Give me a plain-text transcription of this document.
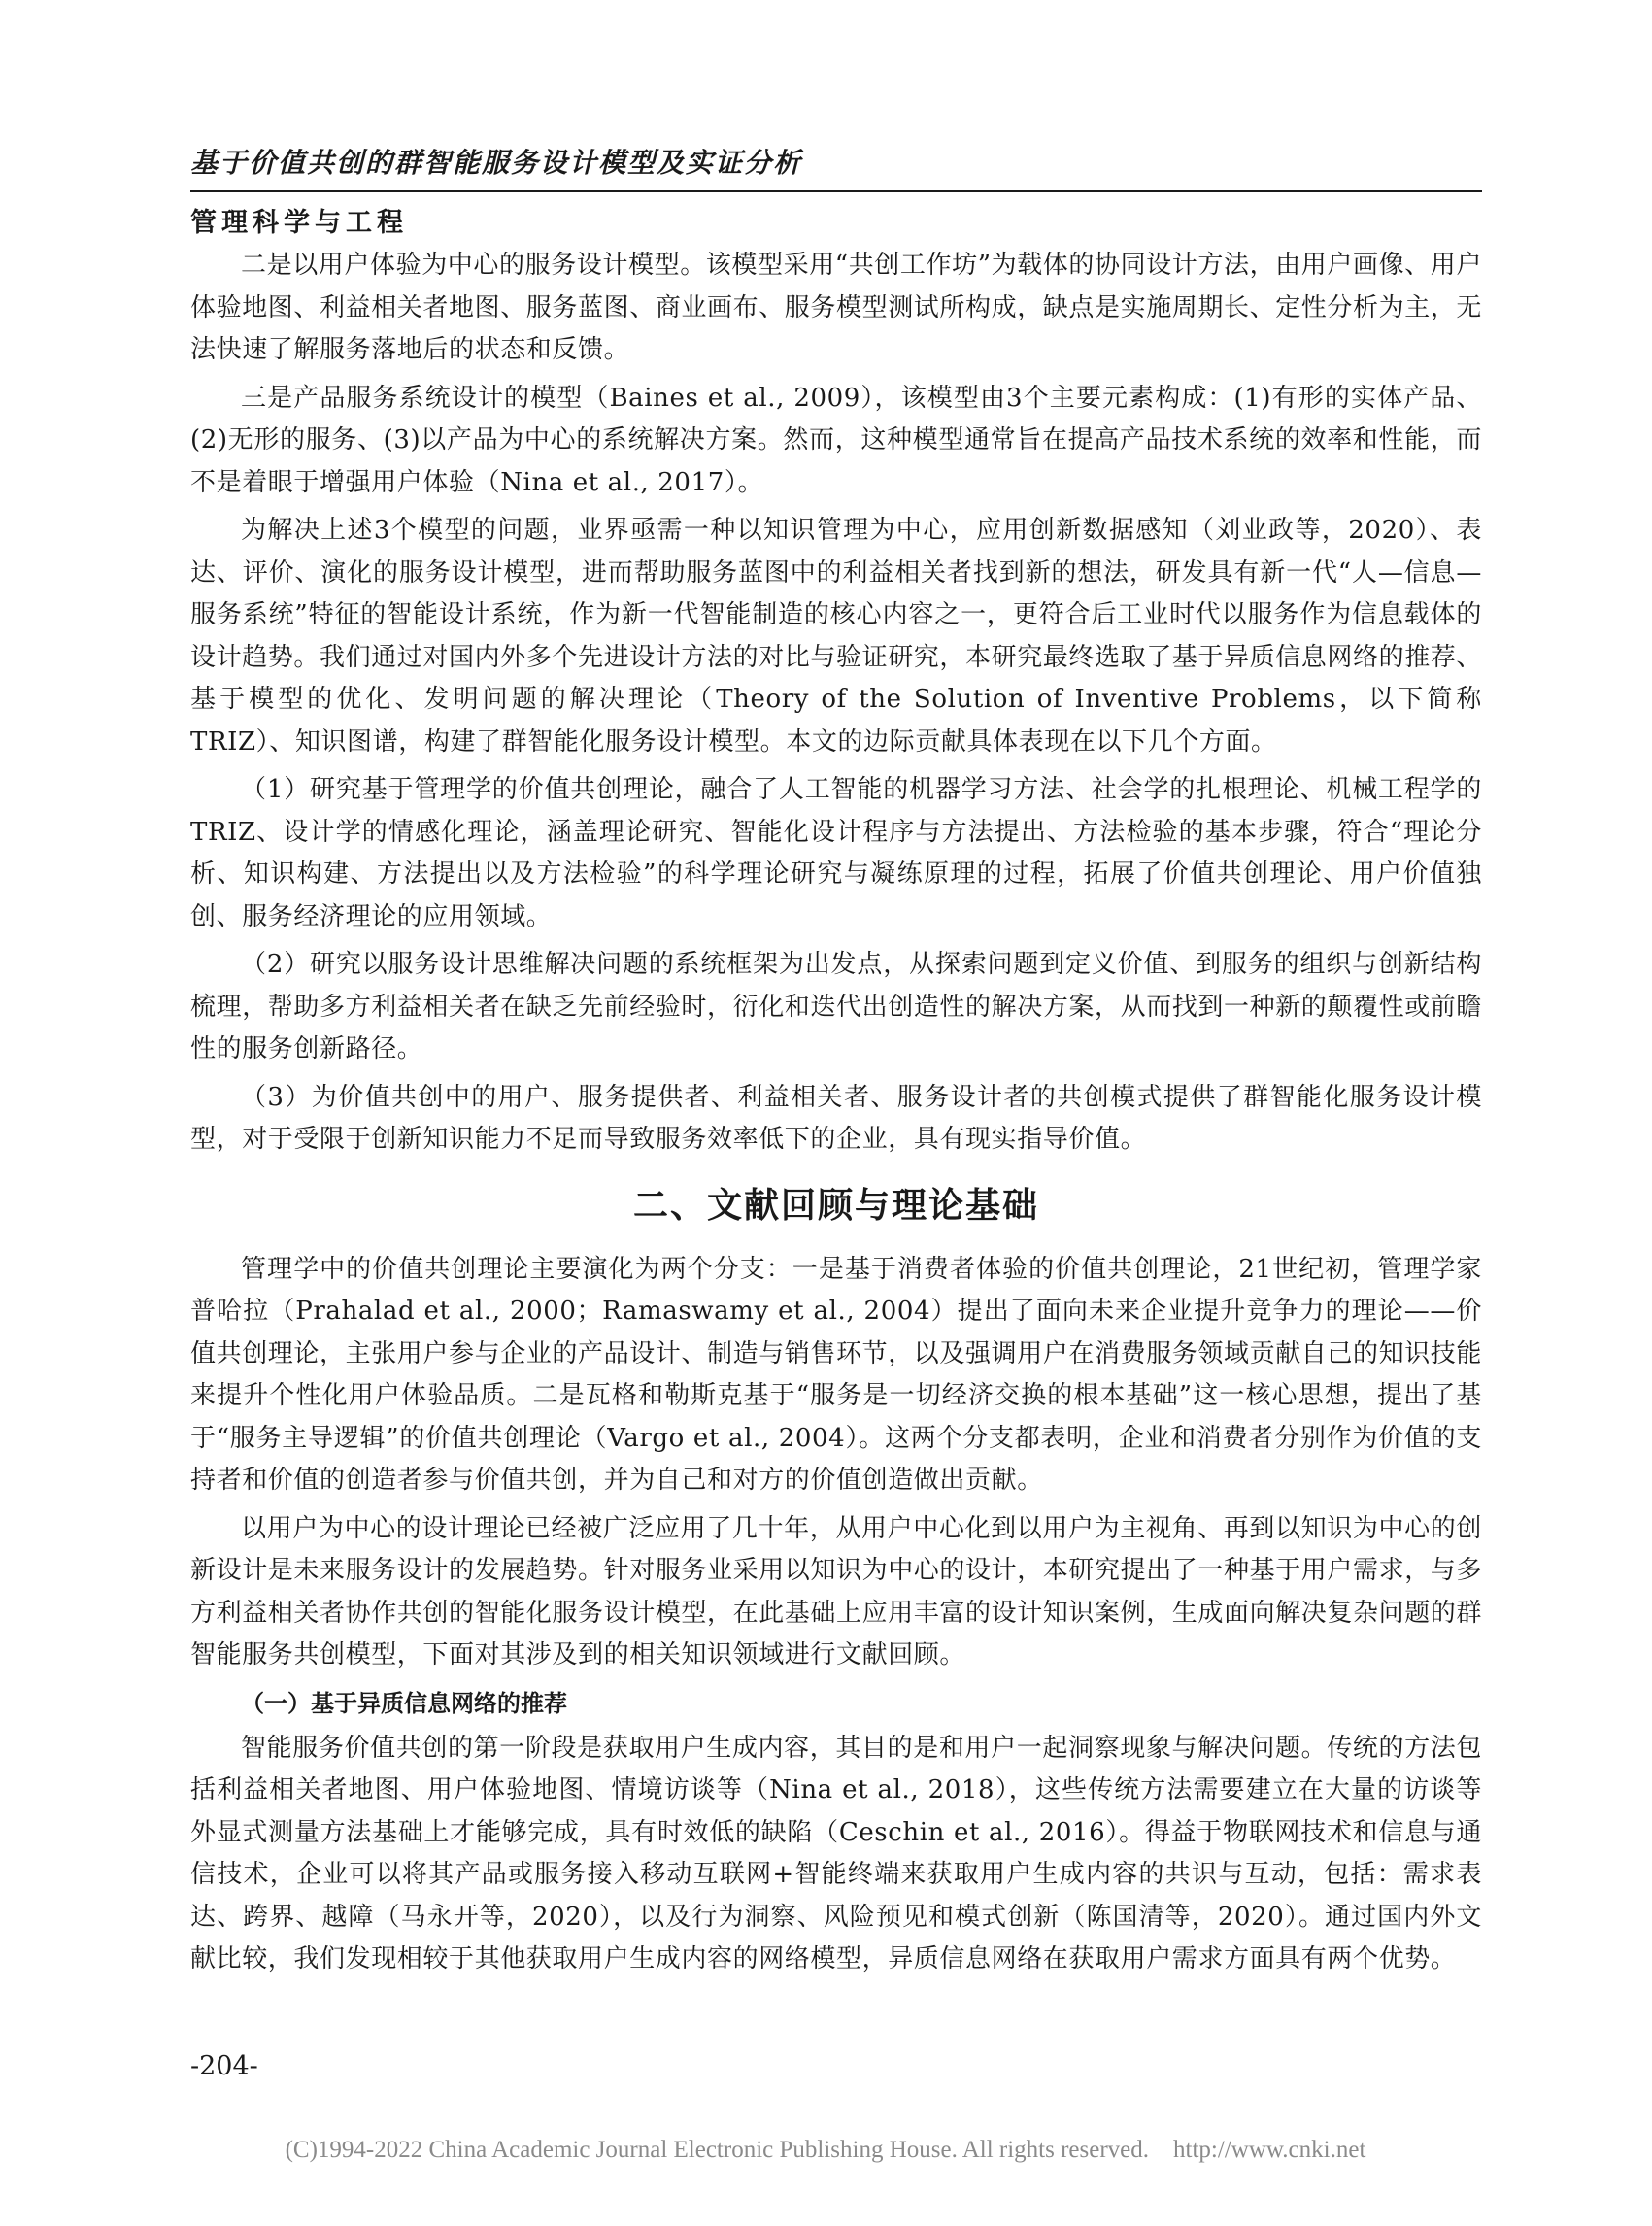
基于价值共创的群智能服务设计模型及实证分析
管理科学与工程

二是以用户体验为中心的服务设计模型。该模型采用“共创工作坊”为载体的协同设计方法，由用户画像、用户体验地图、利益相关者地图、服务蓝图、商业画布、服务模型测试所构成，缺点是实施周期长、定性分析为主，无法快速了解服务落地后的状态和反馈。

三是产品服务系统设计的模型（Baines et al., 2009），该模型由3个主要元素构成：(1)有形的实体产品、(2)无形的服务、(3)以产品为中心的系统解决方案。然而，这种模型通常旨在提高产品技术系统的效率和性能，而不是着眼于增强用户体验（Nina et al., 2017）。

为解决上述3个模型的问题，业界亟需一种以知识管理为中心，应用创新数据感知（刘业政等，2020）、表达、评价、演化的服务设计模型，进而帮助服务蓝图中的利益相关者找到新的想法，研发具有新一代“人—信息—服务系统”特征的智能设计系统，作为新一代智能制造的核心内容之一，更符合后工业时代以服务作为信息载体的设计趋势。我们通过对国内外多个先进设计方法的对比与验证研究，本研究最终选取了基于异质信息网络的推荐、基于模型的优化、发明问题的解决理论（Theory of the Solution of Inventive Problems，以下简称TRIZ）、知识图谱，构建了群智能化服务设计模型。本文的边际贡献具体表现在以下几个方面。

（1）研究基于管理学的价值共创理论，融合了人工智能的机器学习方法、社会学的扎根理论、机械工程学的TRIZ、设计学的情感化理论，涵盖理论研究、智能化设计程序与方法提出、方法检验的基本步骤，符合“理论分析、知识构建、方法提出以及方法检验”的科学理论研究与凝练原理的过程，拓展了价值共创理论、用户价值独创、服务经济理论的应用领域。

（2）研究以服务设计思维解决问题的系统框架为出发点，从探索问题到定义价值、到服务的组织与创新结构梳理，帮助多方利益相关者在缺乏先前经验时，衍化和迭代出创造性的解决方案，从而找到一种新的颠覆性或前瞻性的服务创新路径。

（3）为价值共创中的用户、服务提供者、利益相关者、服务设计者的共创模式提供了群智能化服务设计模型，对于受限于创新知识能力不足而导致服务效率低下的企业，具有现实指导价值。

二、文献回顾与理论基础

管理学中的价值共创理论主要演化为两个分支：一是基于消费者体验的价值共创理论，21世纪初，管理学家普哈拉（Prahalad et al., 2000；Ramaswamy et al., 2004）提出了面向未来企业提升竞争力的理论——价值共创理论，主张用户参与企业的产品设计、制造与销售环节，以及强调用户在消费服务领域贡献自己的知识技能来提升个性化用户体验品质。二是瓦格和勒斯克基于“服务是一切经济交换的根本基础”这一核心思想，提出了基于“服务主导逻辑”的价值共创理论（Vargo et al., 2004）。这两个分支都表明，企业和消费者分别作为价值的支持者和价值的创造者参与价值共创，并为自己和对方的价值创造做出贡献。

以用户为中心的设计理论已经被广泛应用了几十年，从用户中心化到以用户为主视角、再到以知识为中心的创新设计是未来服务设计的发展趋势。针对服务业采用以知识为中心的设计，本研究提出了一种基于用户需求，与多方利益相关者协作共创的智能化服务设计模型，在此基础上应用丰富的设计知识案例，生成面向解决复杂问题的群智能服务共创模型，下面对其涉及到的相关知识领域进行文献回顾。

（一）基于异质信息网络的推荐

智能服务价值共创的第一阶段是获取用户生成内容，其目的是和用户一起洞察现象与解决问题。传统的方法包括利益相关者地图、用户体验地图、情境访谈等（Nina et al., 2018），这些传统方法需要建立在大量的访谈等外显式测量方法基础上才能够完成，具有时效低的缺陷（Ceschin et al., 2016）。得益于物联网技术和信息与通信技术，企业可以将其产品或服务接入移动互联网+智能终端来获取用户生成内容的共识与互动，包括：需求表达、跨界、越障（马永开等，2020），以及行为洞察、风险预见和模式创新（陈国清等，2020）。通过国内外文献比较，我们发现相较于其他获取用户生成内容的网络模型，异质信息网络在获取用户需求方面具有两个优势。

-204-
(C)1994-2022 China Academic Journal Electronic Publishing House. All rights reserved. http://www.cnki.net
